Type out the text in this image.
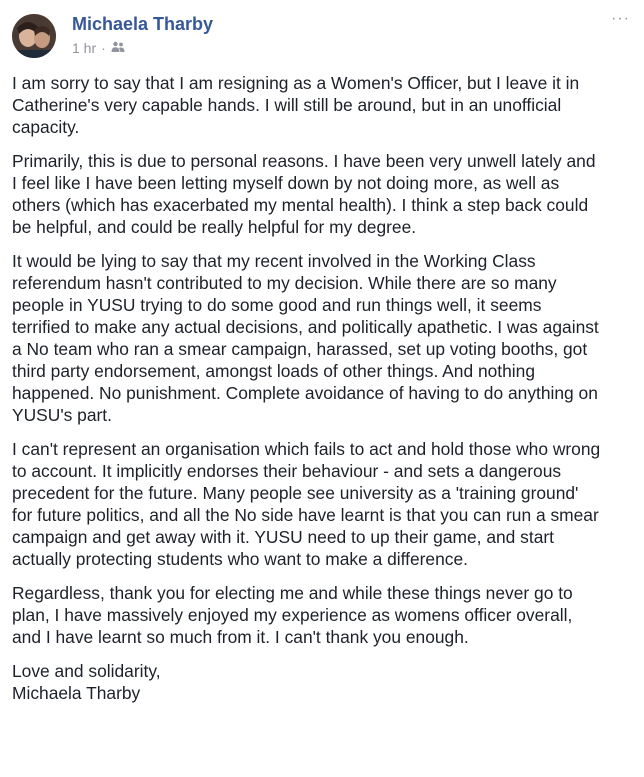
Michaela Tharby
1 hr ·
···

I am sorry to say that I am resigning as a Women's Officer, but I leave it in
Catherine's very capable hands. I will still be around, but in an unofficial
capacity.

Primarily, this is due to personal reasons. I have been very unwell lately and
I feel like I have been letting myself down by not doing more, as well as
others (which has exacerbated my mental health). I think a step back could
be helpful, and could be really helpful for my degree.

It would be lying to say that my recent involved in the Working Class
referendum hasn't contributed to my decision. While there are so many
people in YUSU trying to do some good and run things well, it seems
terrified to make any actual decisions, and politically apathetic. I was against
a No team who ran a smear campaign, harassed, set up voting booths, got
third party endorsement, amongst loads of other things. And nothing
happened. No punishment. Complete avoidance of having to do anything on
YUSU's part.

I can't represent an organisation which fails to act and hold those who wrong
to account. It implicitly endorses their behaviour - and sets a dangerous
precedent for the future. Many people see university as a 'training ground'
for future politics, and all the No side have learnt is that you can run a smear
campaign and get away with it. YUSU need to up their game, and start
actually protecting students who want to make a difference.

Regardless, thank you for electing me and while these things never go to
plan, I have massively enjoyed my experience as womens officer overall,
and I have learnt so much from it. I can't thank you enough.

Love and solidarity,
Michaela Tharby
